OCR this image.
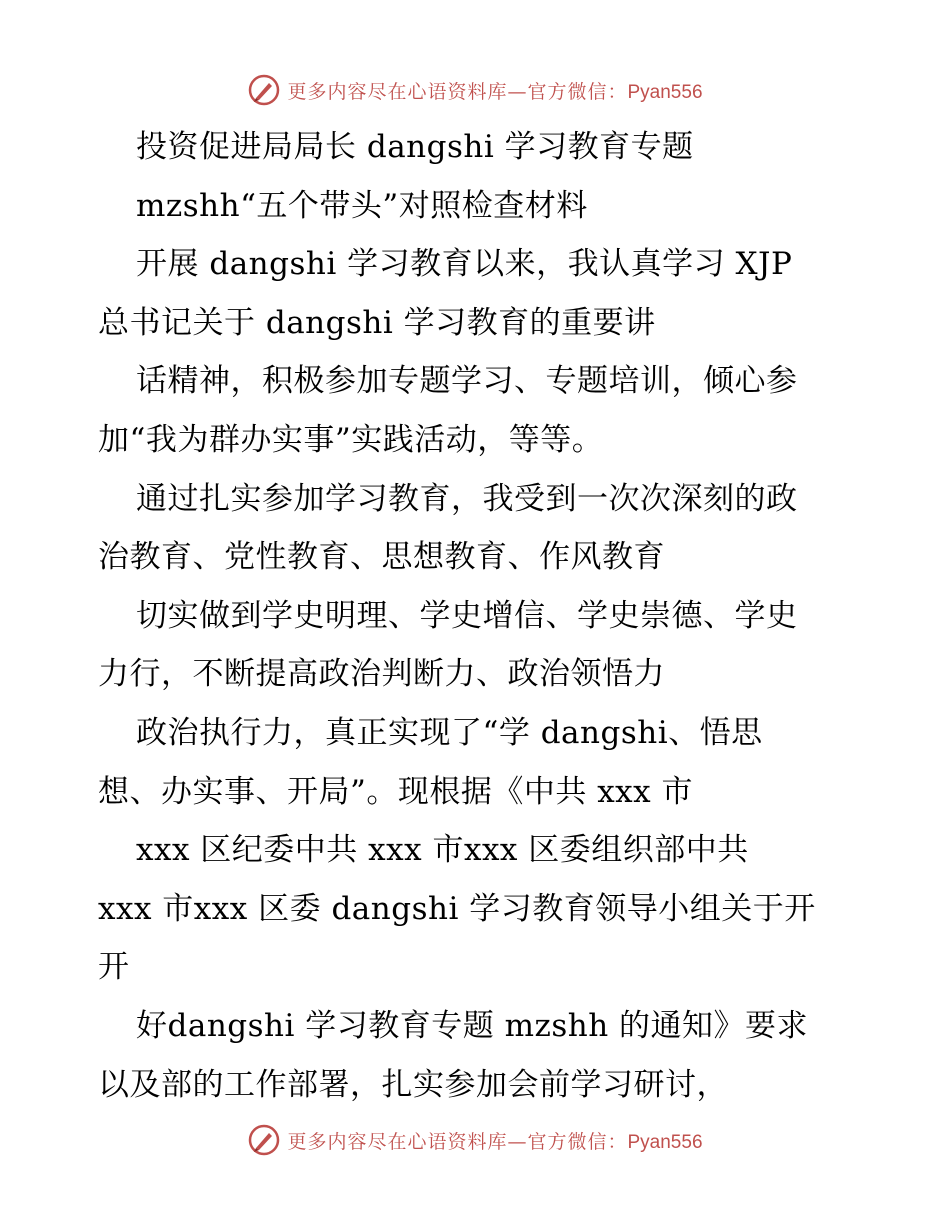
更多内容尽在心语资料库—官方微信：Pyan556
投资促进局局长 dangshi 学习教育专题
mzshh“五个带头”对照检查材料
开展 dangshi 学习教育以来，我认真学习 XJP
总书记关于 dangshi 学习教育的重要讲
话精神，积极参加专题学习、专题培训，倾心参
加“我为群办实事”实践活动，等等。
通过扎实参加学习教育，我受到一次次深刻的政
治教育、党性教育、思想教育、作风教育
切实做到学史明理、学史增信、学史崇德、学史
力行，不断提高政治判断力、政治领悟力
政治执行力，真正实现了“学 dangshi、悟思
想、办实事、开局”。现根据《中共 xxx 市
xxx 区纪委中共 xxx 市xxx 区委组织部中共
xxx 市xxx 区委 dangshi 学习教育领导小组关于开
开
好dangshi 学习教育专题 mzshh 的通知》要求
以及部的工作部署，扎实参加会前学习研讨，
更多内容尽在心语资料库—官方微信：Pyan556
